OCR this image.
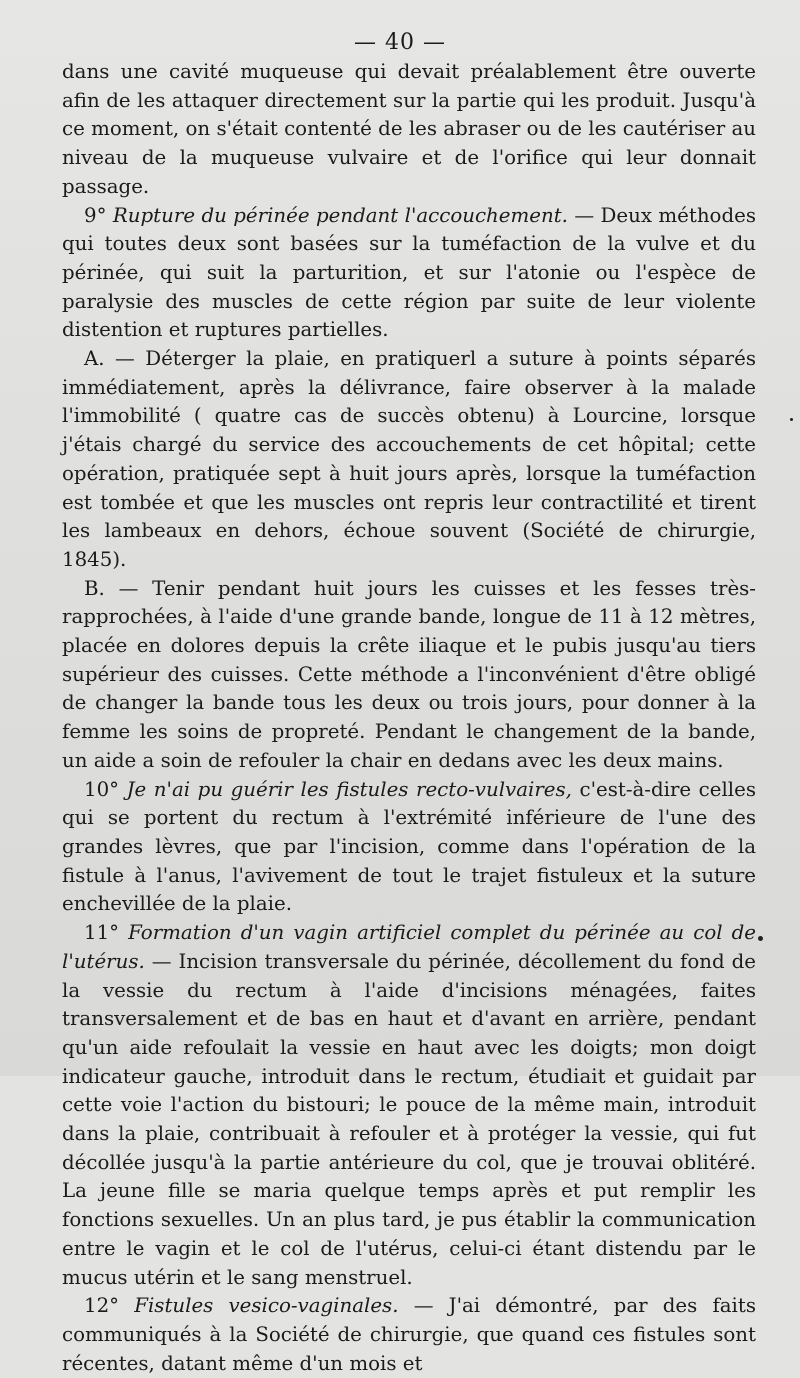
— 40 —

dans une cavité muqueuse qui devait préalablement être ouverte afin de les attaquer directement sur la partie qui les produit. Jusqu'à ce moment, on s'était contenté de les abraser ou de les cautériser au niveau de la muqueuse vulvaire et de l'orifice qui leur donnait passage.

9° Rupture du périnée pendant l'accouchement. — Deux méthodes qui toutes deux sont basées sur la tuméfaction de la vulve et du périnée, qui suit la parturition, et sur l'atonie ou l'espèce de paralysie des muscles de cette région par suite de leur violente distention et ruptures partielles.

A. — Déterger la plaie, en pratiquerl a suture à points séparés immédiatement, après la délivrance, faire observer à la malade l'immobilité ( quatre cas de succès obtenu) à Lourcine, lorsque j'étais chargé du service des accouchements de cet hôpital; cette opération, pratiquée sept à huit jours après, lorsque la tuméfaction est tombée et que les muscles ont repris leur contractilité et tirent les lambeaux en dehors, échoue souvent (Société de chirurgie, 1845).

B. — Tenir pendant huit jours les cuisses et les fesses très-rapprochées, à l'aide d'une grande bande, longue de 11 à 12 mètres, placée en dolores depuis la crête iliaque et le pubis jusqu'au tiers supérieur des cuisses. Cette méthode a l'inconvénient d'être obligé de changer la bande tous les deux ou trois jours, pour donner à la femme les soins de propreté. Pendant le changement de la bande, un aide a soin de refouler la chair en dedans avec les deux mains.

10° Je n'ai pu guérir les fistules recto-vulvaires, c'est-à-dire celles qui se portent du rectum à l'extrémité inférieure de l'une des grandes lèvres, que par l'incision, comme dans l'opération de la fistule à l'anus, l'avivement de tout le trajet fistuleux et la suture enchevillée de la plaie.

11° Formation d'un vagin artificiel complet du périnée au col de l'utérus. — Incision transversale du périnée, décollement du fond de la vessie du rectum à l'aide d'incisions ménagées, faites transversalement et de bas en haut et d'avant en arrière, pendant qu'un aide refoulait la vessie en haut avec les doigts; mon doigt indicateur gauche, introduit dans le rectum, étudiait et guidait par cette voie l'action du bistouri; le pouce de la même main, introduit dans la plaie, contribuait à refouler et à protéger la vessie, qui fut décollée jusqu'à la partie antérieure du col, que je trouvai oblitéré. La jeune fille se maria quelque temps après et put remplir les fonctions sexuelles. Un an plus tard, je pus établir la communication entre le vagin et le col de l'utérus, celui-ci étant distendu par le mucus utérin et le sang menstruel.

12° Fistules vesico-vaginales. — J'ai démontré, par des faits communiqués à la Société de chirurgie, que quand ces fistules sont récentes, datant même d'un mois et
